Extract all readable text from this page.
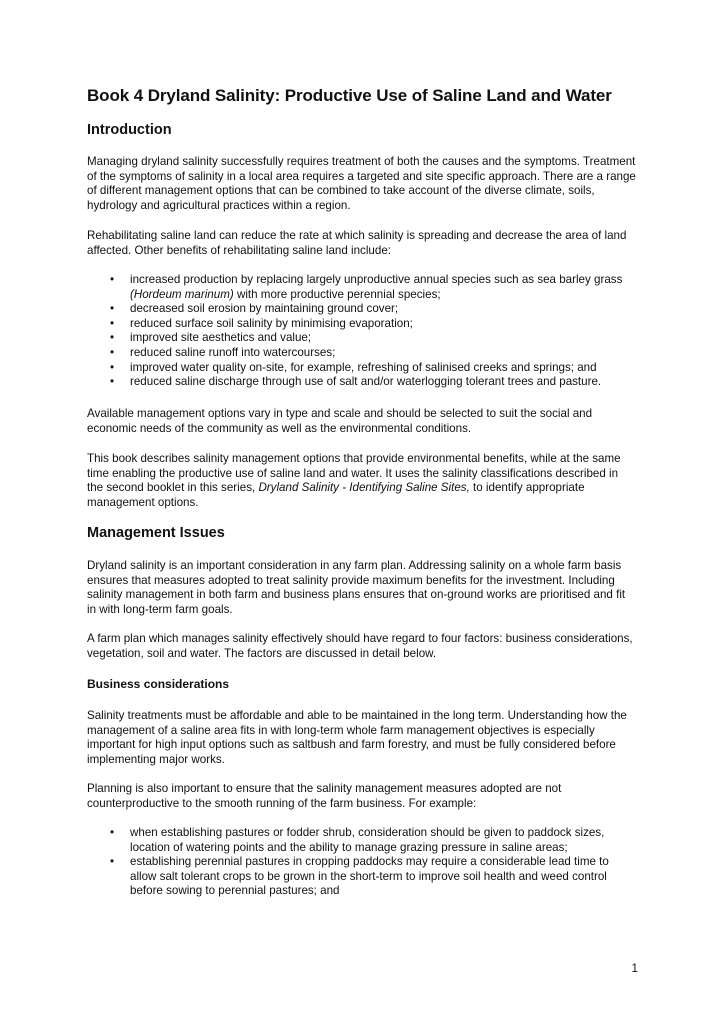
Book 4 Dryland Salinity: Productive Use of Saline Land and Water
Introduction

Managing dryland salinity successfully requires treatment of both the causes and the symptoms. Treatment of the symptoms of salinity in a local area requires a targeted and site specific approach. There are a range of different management options that can be combined to take account of the diverse climate, soils, hydrology and agricultural practices within a region.

Rehabilitating saline land can reduce the rate at which salinity is spreading and decrease the area of land affected. Other benefits of rehabilitating saline land include:

• increased production by replacing largely unproductive annual species such as sea barley grass (Hordeum marinum) with more productive perennial species;
• decreased soil erosion by maintaining ground cover;
• reduced surface soil salinity by minimising evaporation;
• improved site aesthetics and value;
• reduced saline runoff into watercourses;
• improved water quality on-site, for example, refreshing of salinised creeks and springs; and
• reduced saline discharge through use of salt and/or waterlogging tolerant trees and pasture.

Available management options vary in type and scale and should be selected to suit the social and economic needs of the community as well as the environmental conditions.

This book describes salinity management options that provide environmental benefits, while at the same time enabling the productive use of saline land and water. It uses the salinity classifications described in the second booklet in this series, Dryland Salinity - Identifying Saline Sites, to identify appropriate management options.

Management Issues

Dryland salinity is an important consideration in any farm plan. Addressing salinity on a whole farm basis ensures that measures adopted to treat salinity provide maximum benefits for the investment. Including salinity management in both farm and business plans ensures that on-ground works are prioritised and fit in with long-term farm goals.

A farm plan which manages salinity effectively should have regard to four factors: business considerations, vegetation, soil and water. The factors are discussed in detail below.

Business considerations

Salinity treatments must be affordable and able to be maintained in the long term. Understanding how the management of a saline area fits in with long-term whole farm management objectives is especially important for high input options such as saltbush and farm forestry, and must be fully considered before implementing major works.

Planning is also important to ensure that the salinity management measures adopted are not counterproductive to the smooth running of the farm business. For example:

• when establishing pastures or fodder shrub, consideration should be given to paddock sizes, location of watering points and the ability to manage grazing pressure in saline areas;
• establishing perennial pastures in cropping paddocks may require a considerable lead time to allow salt tolerant crops to be grown in the short-term to improve soil health and weed control before sowing to perennial pastures; and
1
